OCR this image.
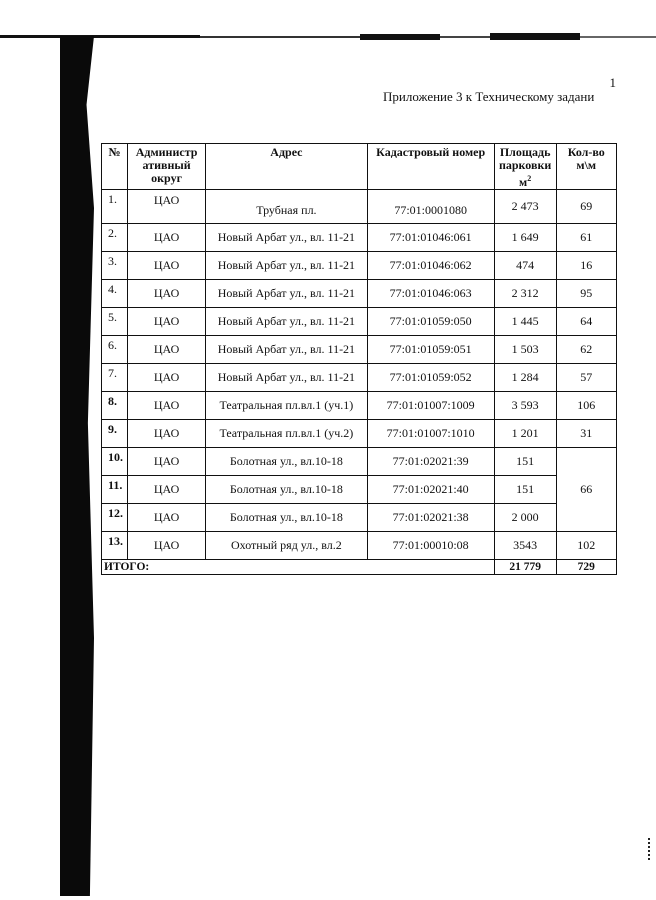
1
Приложение 3 к Техническому задани
№	Администр ативный округ	Адрес	Кадастровый номер	Площадь парковки $м^2$	Кол-во м\м
1.	ЦАО	Трубная пл.	77:01:0001080	2 473	69
2.	ЦАО	Новый Арбат ул., вл. 11-21	77:01:01046:061	1 649	61
3.	ЦАО	Новый Арбат ул., вл. 11-21	77:01:01046:062	474	16
4.	ЦАО	Новый Арбат ул., вл. 11-21	77:01:01046:063	2 312	95
5.	ЦАО	Новый Арбат ул., вл. 11-21	77:01:01059:050	1 445	64
6.	ЦАО	Новый Арбат ул., вл. 11-21	77:01:01059:051	1 503	62
7.	ЦАО	Новый Арбат ул., вл. 11-21	77:01:01059:052	1 284	57
8.	ЦАО	Театральная пл.вл.1 (уч.1)	77:01:01007:1009	3 593	106
9.	ЦАО	Театральная пл.вл.1 (уч.2)	77:01:01007:1010	1 201	31
10.	ЦАО	Болотная ул., вл.10-18	77:01:02021:39	151	66
11.	ЦАО	Болотная ул., вл.10-18	77:01:02021:40	151	
12.	ЦАО	Болотная ул., вл.10-18	77:01:02021:38	2 000	
13.	ЦАО	Охотный ряд ул., вл.2	77:01:00010:08	3543	102
ИТОГО:				21 779	729
